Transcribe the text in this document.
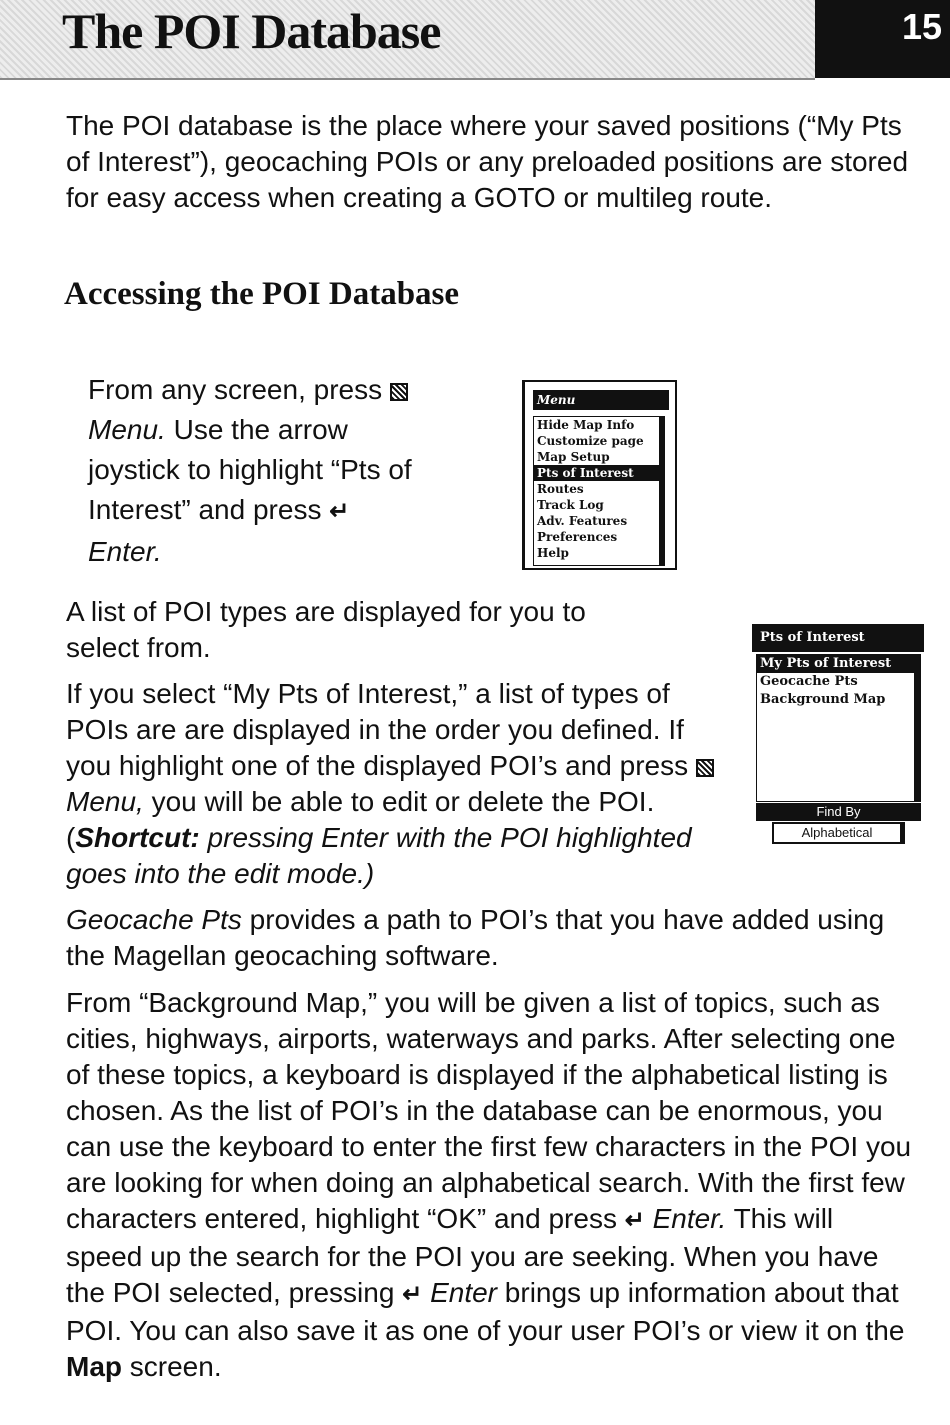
The POI Database	15

The POI database is the place where your saved positions (“My Pts of Interest”), geocaching POIs or any preloaded positions are stored for easy access when creating a GOTO or multileg route.

Accessing the POI Database

From any screen, press  Menu. Use the arrow joystick to highlight “Pts of Interest” and press ↵ Enter.

Menu
Hide Map Info
Customize page
Map Setup
Pts of Interest
Routes
Track Log
Adv. Features
Preferences
Help

A list of POI types are displayed for you to select from.	Pts of Interest
My Pts of Interest
Geocache Pts
Background Map
Find By
Alphabetical

If you select “My Pts of Interest,” a list of types of POIs are are displayed in the order you defined. If you highlight one of the displayed POI’s and press  Menu, you will be able to edit or delete the POI. (Shortcut: pressing Enter with the POI highlighted goes into the edit mode.)

Geocache Pts provides a path to POI’s that you have added using the Magellan geocaching software.

From “Background Map,” you will be given a list of topics, such as cities, highways, airports, waterways and parks. After selecting one of these topics, a keyboard is displayed if the alphabetical listing is chosen. As the list of POI’s in the database can be enormous, you can use the keyboard to enter the first few characters in the POI you are looking for when doing an alphabetical search. With the first few characters entered, highlight “OK” and press ↵ Enter. This will speed up the search for the POI you are seeking. When you have the POI selected, pressing ↵ Enter brings up information about that POI. You can also save it as one of your user POI’s or view it on the Map screen.
